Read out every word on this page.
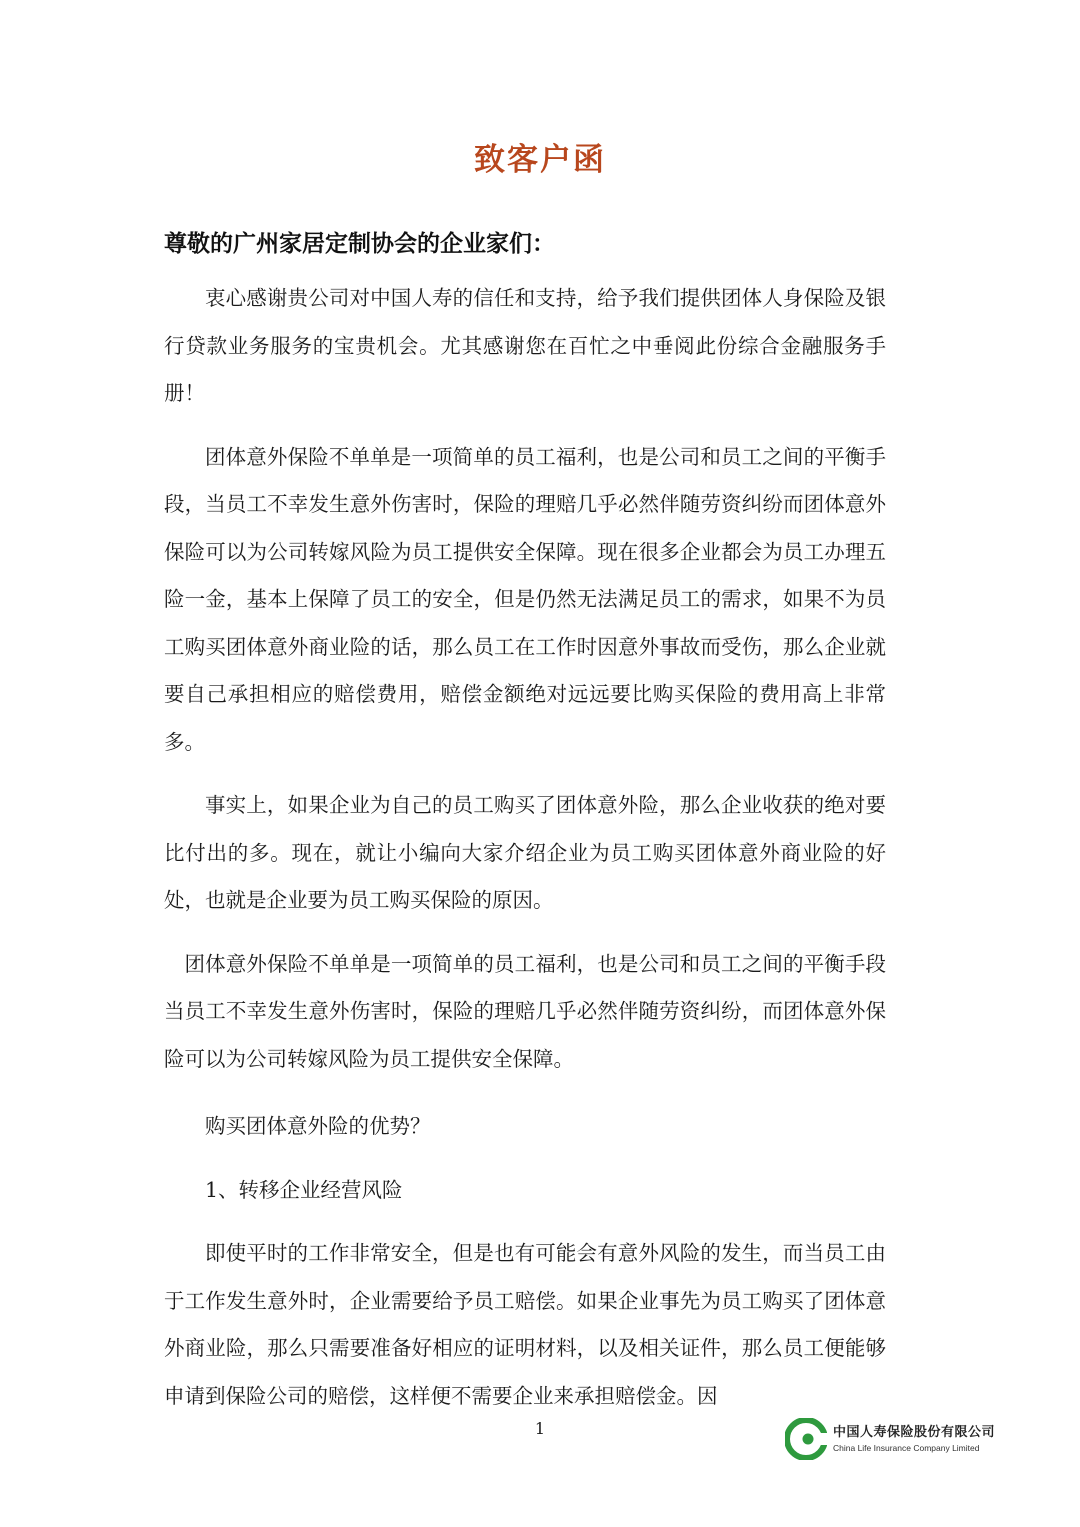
致客户函
尊敬的广州家居定制协会的企业家们：

衷心感谢贵公司对中国人寿的信任和支持，给予我们提供团体人身保险及银行贷款业务服务的宝贵机会。尤其感谢您在百忙之中垂阅此份综合金融服务手册！

团体意外保险不单单是一项简单的员工福利，也是公司和员工之间的平衡手段，当员工不幸发生意外伤害时，保险的理赔几乎必然伴随劳资纠纷而团体意外保险可以为公司转嫁风险为员工提供安全保障。现在很多企业都会为员工办理五险一金，基本上保障了员工的安全，但是仍然无法满足员工的需求，如果不为员工购买团体意外商业险的话，那么员工在工作时因意外事故而受伤，那么企业就要自己承担相应的赔偿费用，赔偿金额绝对远远要比购买保险的费用高上非常多。

事实上，如果企业为自己的员工购买了团体意外险，那么企业收获的绝对要比付出的多。现在，就让小编向大家介绍企业为员工购买团体意外商业险的好处，也就是企业要为员工购买保险的原因。

团体意外保险不单单是一项简单的员工福利，也是公司和员工之间的平衡手段当员工不幸发生意外伤害时，保险的理赔几乎必然伴随劳资纠纷，而团体意外保险可以为公司转嫁风险为员工提供安全保障。

购买团体意外险的优势？

1、转移企业经营风险

即使平时的工作非常安全，但是也有可能会有意外风险的发生，而当员工由于工作发生意外时，企业需要给予员工赔偿。如果企业事先为员工购买了团体意外商业险，那么只需要准备好相应的证明材料，以及相关证件，那么员工便能够申请到保险公司的赔偿，这样便不需要企业来承担赔偿金。因

1	中国人寿保险股份有限公司
China Life Insurance Company Limited
